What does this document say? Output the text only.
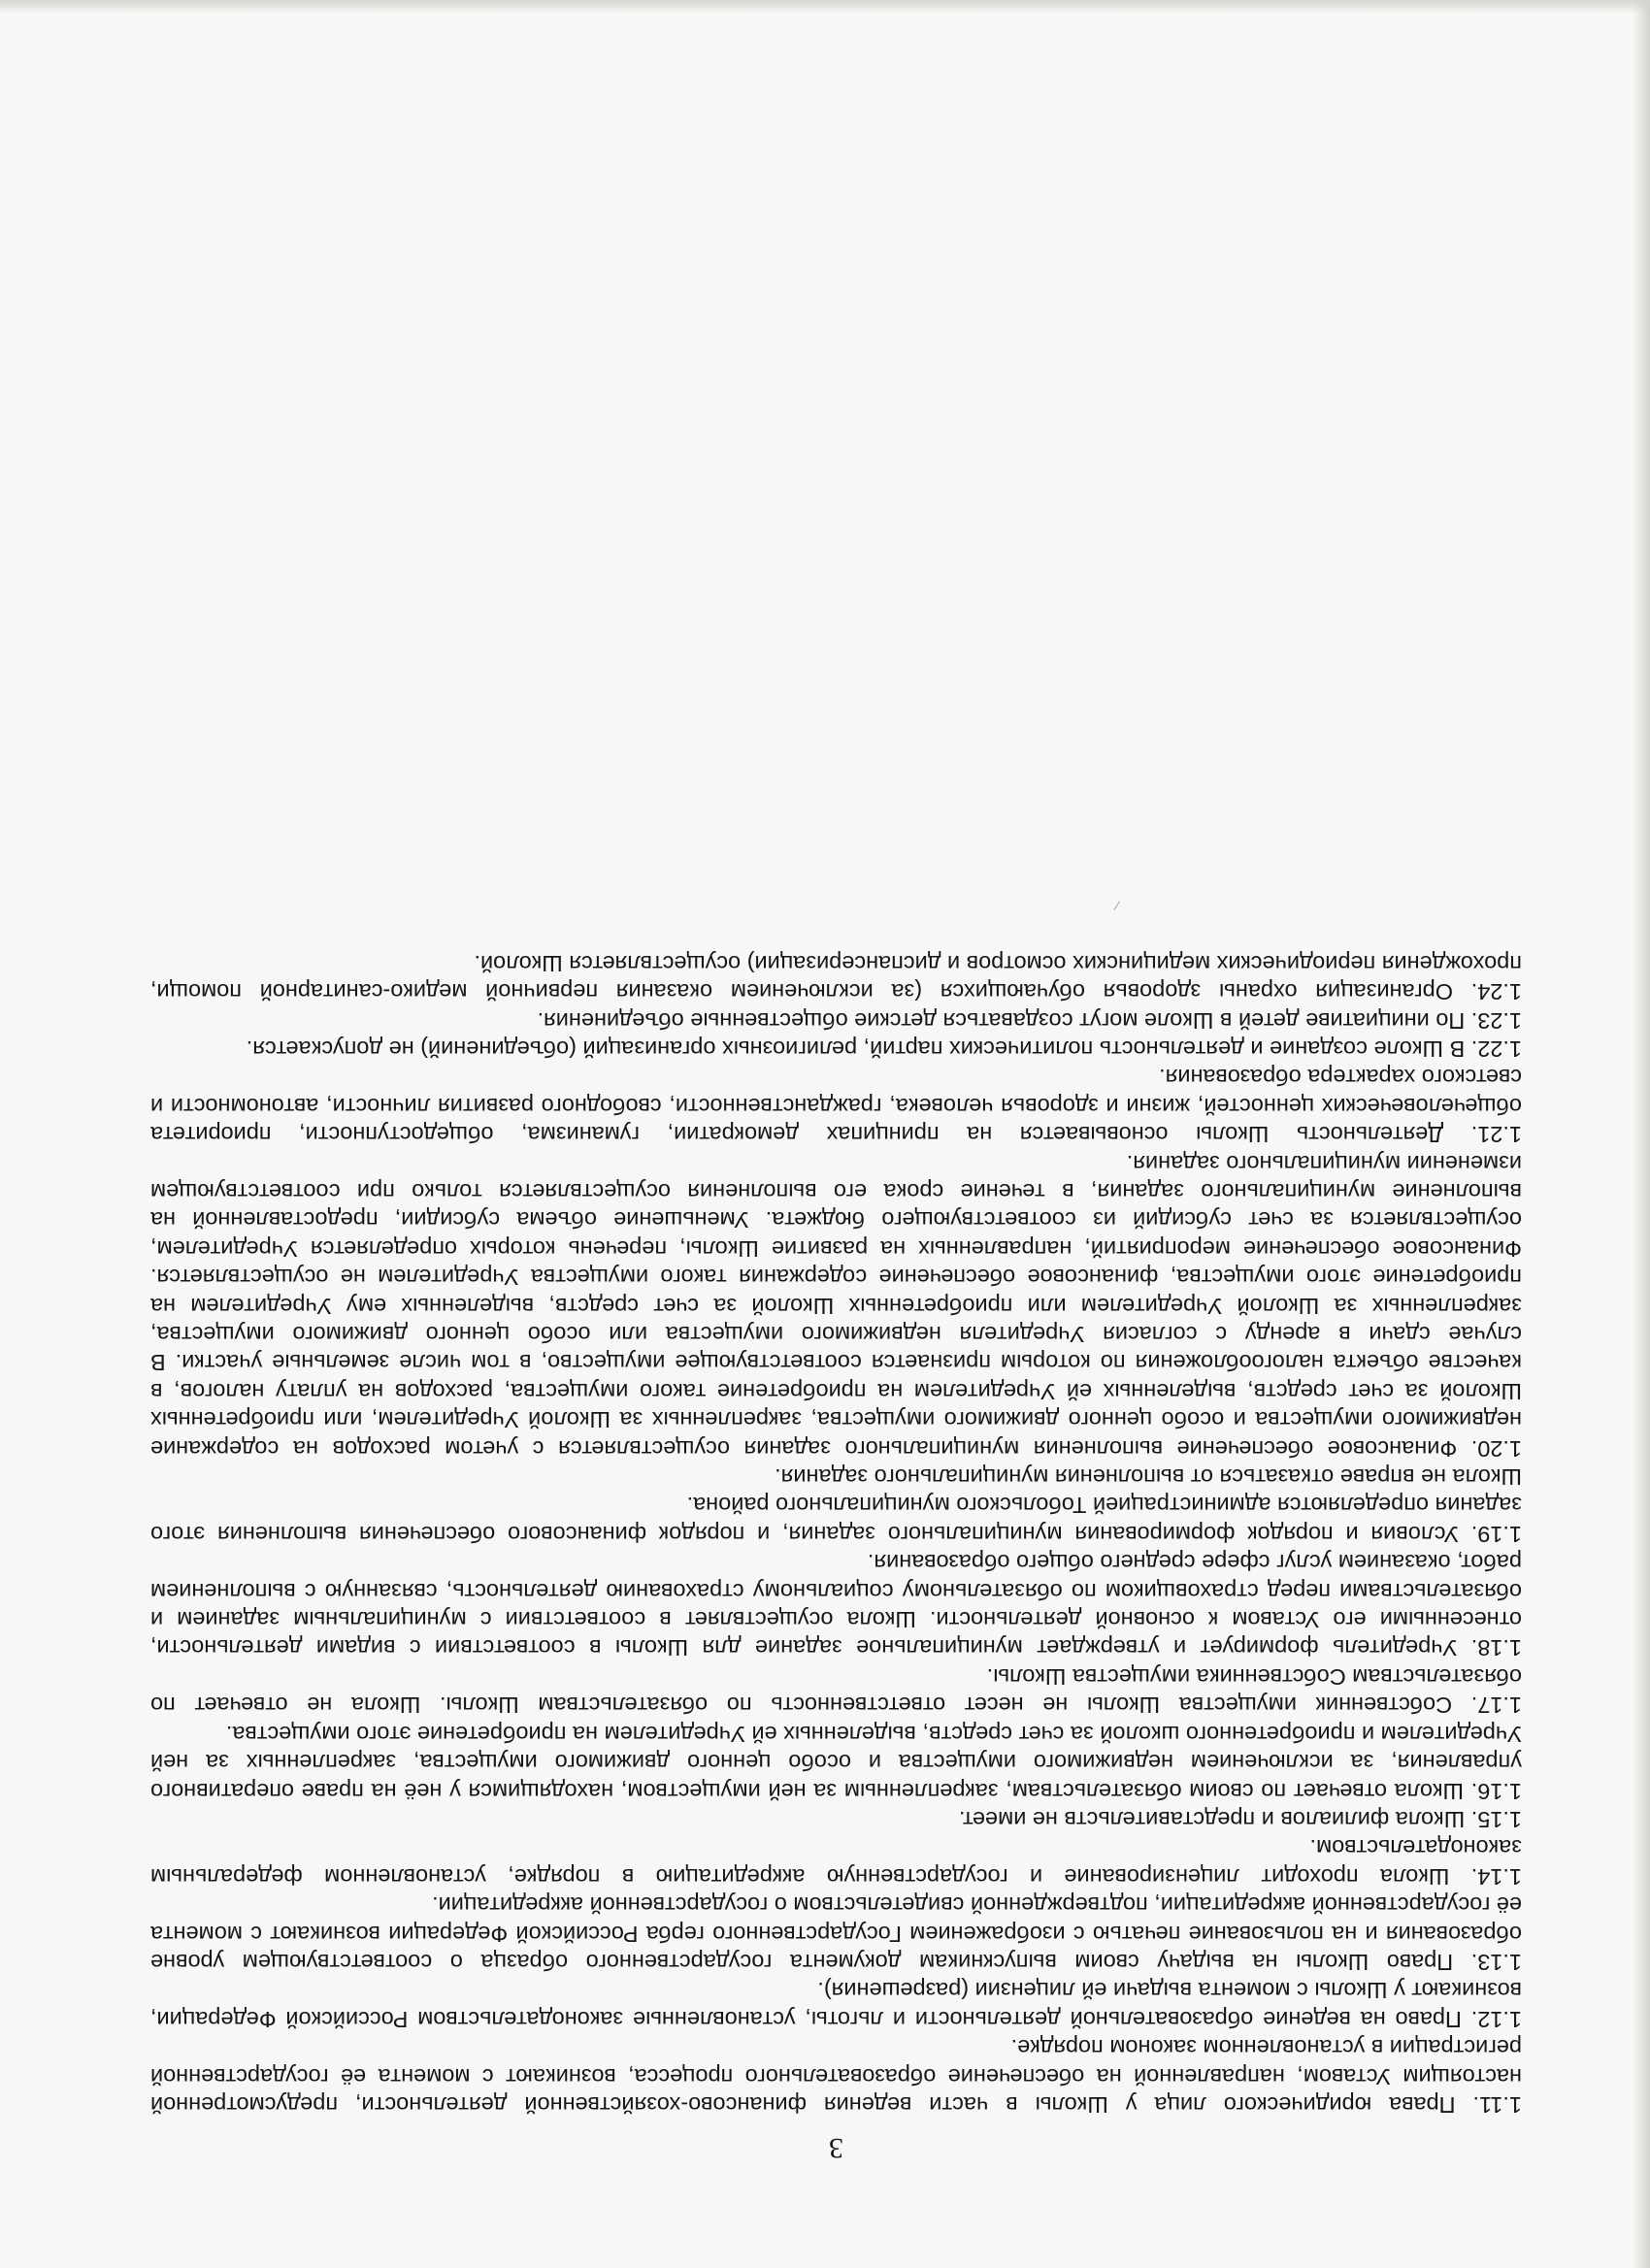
⁄
3

1.11. Права юридического лица у Школы в части ведения финансово-хозяйственной деятельности, предусмотренной настоящим Уставом, направленной на обеспечение образовательного процесса, возникают с момента её государственной регистрации в установленном законом порядке.

1.12. Право на ведение образовательной деятельности и льготы, установленные законодательством Российской Федерации, возникают у Школы с момента выдачи ей лицензии (разрешения).

1.13. Право Школы на выдачу своим выпускникам документа государственного образца о соответствующем уровне образования и на пользование печатью с изображением Государственного герба Российской Федерации возникают с момента её государственной аккредитации, подтвержденной свидетельством о государственной аккредитации.

1.14. Школа проходит лицензирование и государственную аккредитацию в порядке, установленном федеральным законодательством.

1.15. Школа филиалов и представительств не имеет.

1.16. Школа отвечает по своим обязательствам, закрепленным за ней имуществом, находящимся у неё на праве оперативного управления, за исключением недвижимого имущества и особо ценного движимого имущества, закрепленных за ней Учредителем и приобретенного школой за счет средств, выделенных ей Учредителем на приобретение этого имущества.

1.17. Собственник имущества Школы не несет ответственность по обязательствам Школы. Школа не отвечает по обязательствам Собственника имущества Школы.

1.18. Учредитель формирует и утверждает муниципальное задание для Школы в соответствии с видами деятельности, отнесенными его Уставом к основной деятельности. Школа осуществляет в соответствии с муниципальным заданием и обязательствами перед страховщиком по обязательному социальному страхованию деятельность, связанную с выполнением работ, оказанием услуг сфере среднего общего образования.

1.19. Условия и порядок формирования муниципального задания, и порядок финансового обеспечения выполнения этого задания определяются администрацией Тобольского муниципального района.

Школа не вправе отказаться от выполнения муниципального задания.

1.20. Финансовое обеспечение выполнения муниципального задания осуществляется с учетом расходов на содержание недвижимого имущества и особо ценного движимого имущества, закрепленных за Школой Учредителем, или приобретенных Школой за счет средств, выделенных ей Учредителем на приобретение такого имущества, расходов на уплату налогов, в качестве объекта налогообложения по которым признается соответствующее имущество, в том числе земельные участки. В случае сдачи в аренду с согласия Учредителя недвижимого имущества или особо ценного движимого имущества, закрепленных за Школой Учредителем или приобретенных Школой за счет средств, выделенных ему Учредителем на приобретение этого имущества, финансовое обеспечение содержания такого имущества Учредителем не осуществляется. Финансовое обеспечение мероприятий, направленных на развитие Школы, перечень которых определяется Учредителем, осуществляется за счет субсидий из соответствующего бюджета. Уменьшение объема субсидии, предоставленной на выполнение муниципального задания, в течение срока его выполнения осуществляется только при соответствующем изменении муниципального задания.

1.21. Деятельность Школы основывается на принципах демократии, гуманизма, общедоступности, приоритета общечеловеческих ценностей, жизни и здоровья человека, гражданственности, свободного развития личности, автономности и светского характера образования.

1.22. В Школе создание и деятельность политических партий, религиозных организаций (объединений) не допускается.

1.23. По инициативе детей в Школе могут создаваться детские общественные объединения.

1.24. Организация охраны здоровья обучающихся (за исключением оказания первичной медико-санитарной помощи, прохождения периодических медицинских осмотров и диспансеризации) осуществляется Школой.
